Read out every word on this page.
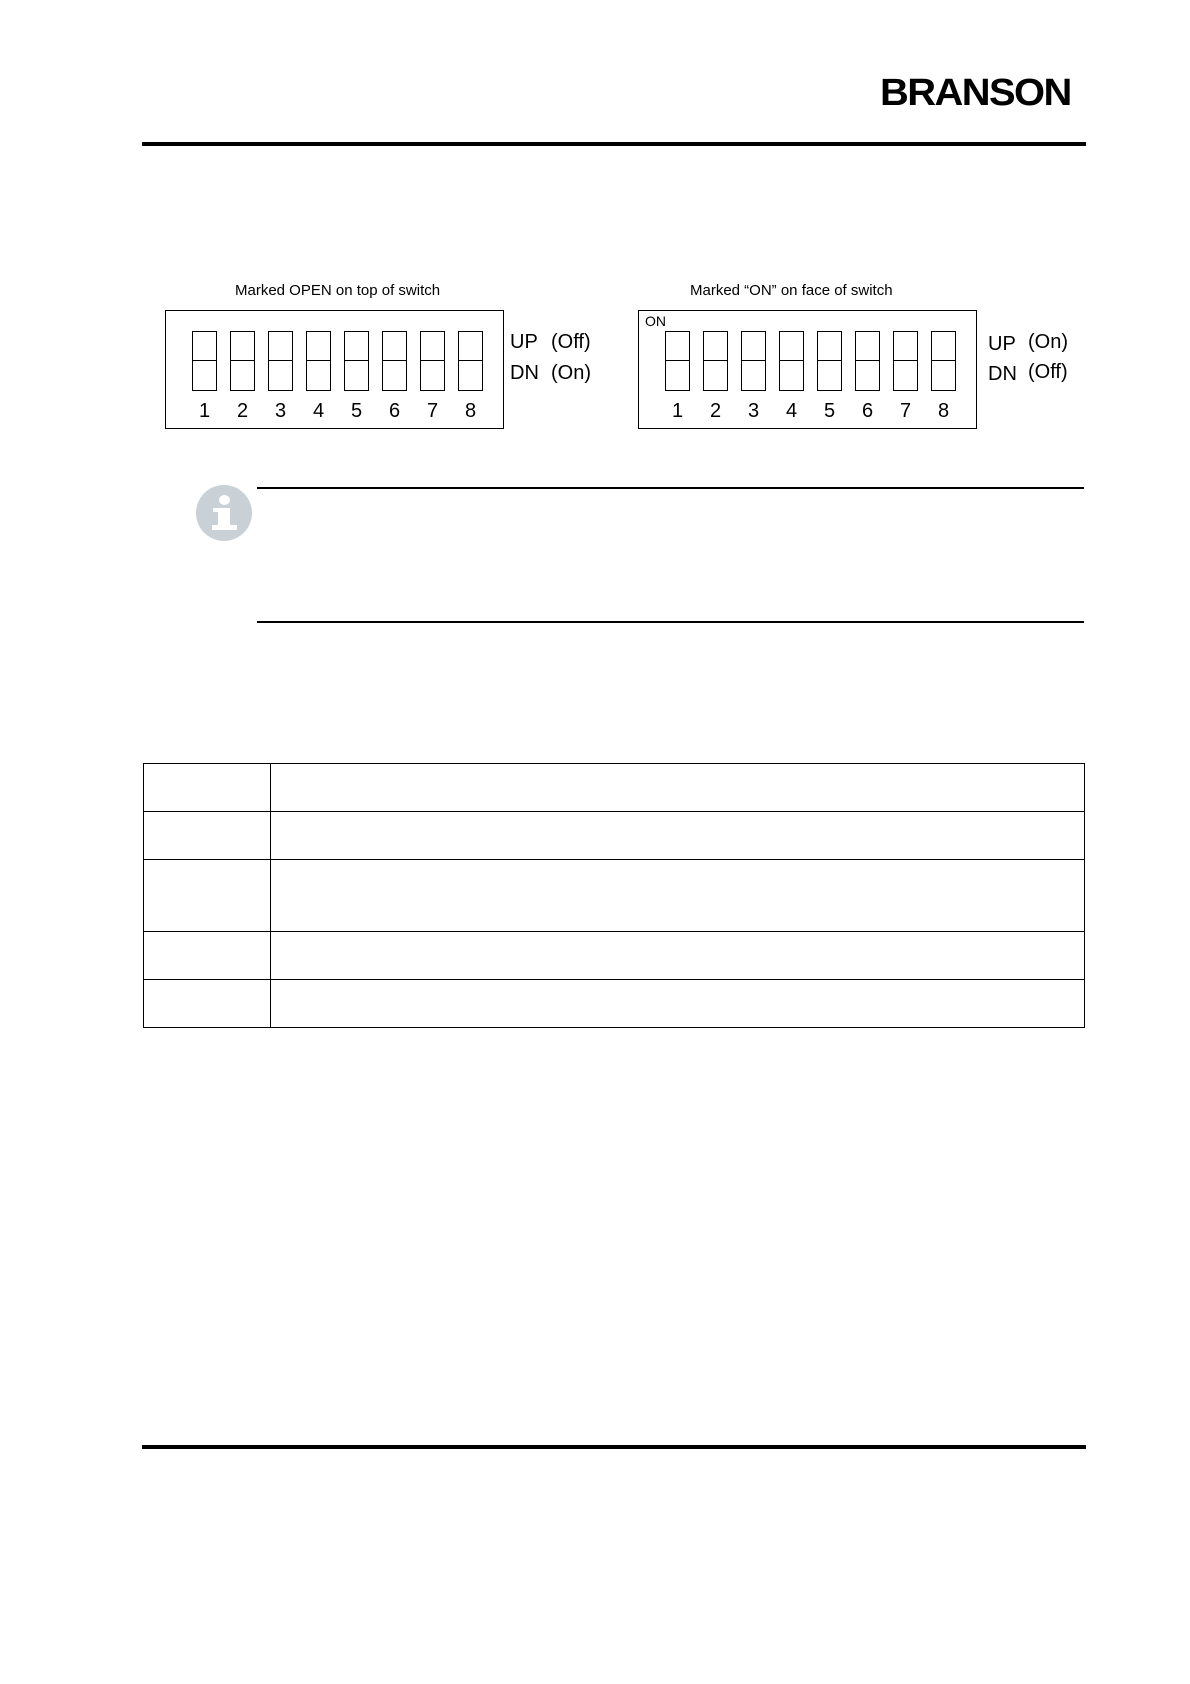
BRANSON
Marked OPEN on top of switch
1	2	3	4	5	6	7	8
UP (Off)
DN (On)
Marked “ON” on face of switch
ON
1	2	3	4	5	6	7	8
UP (On)
DN (Off)
